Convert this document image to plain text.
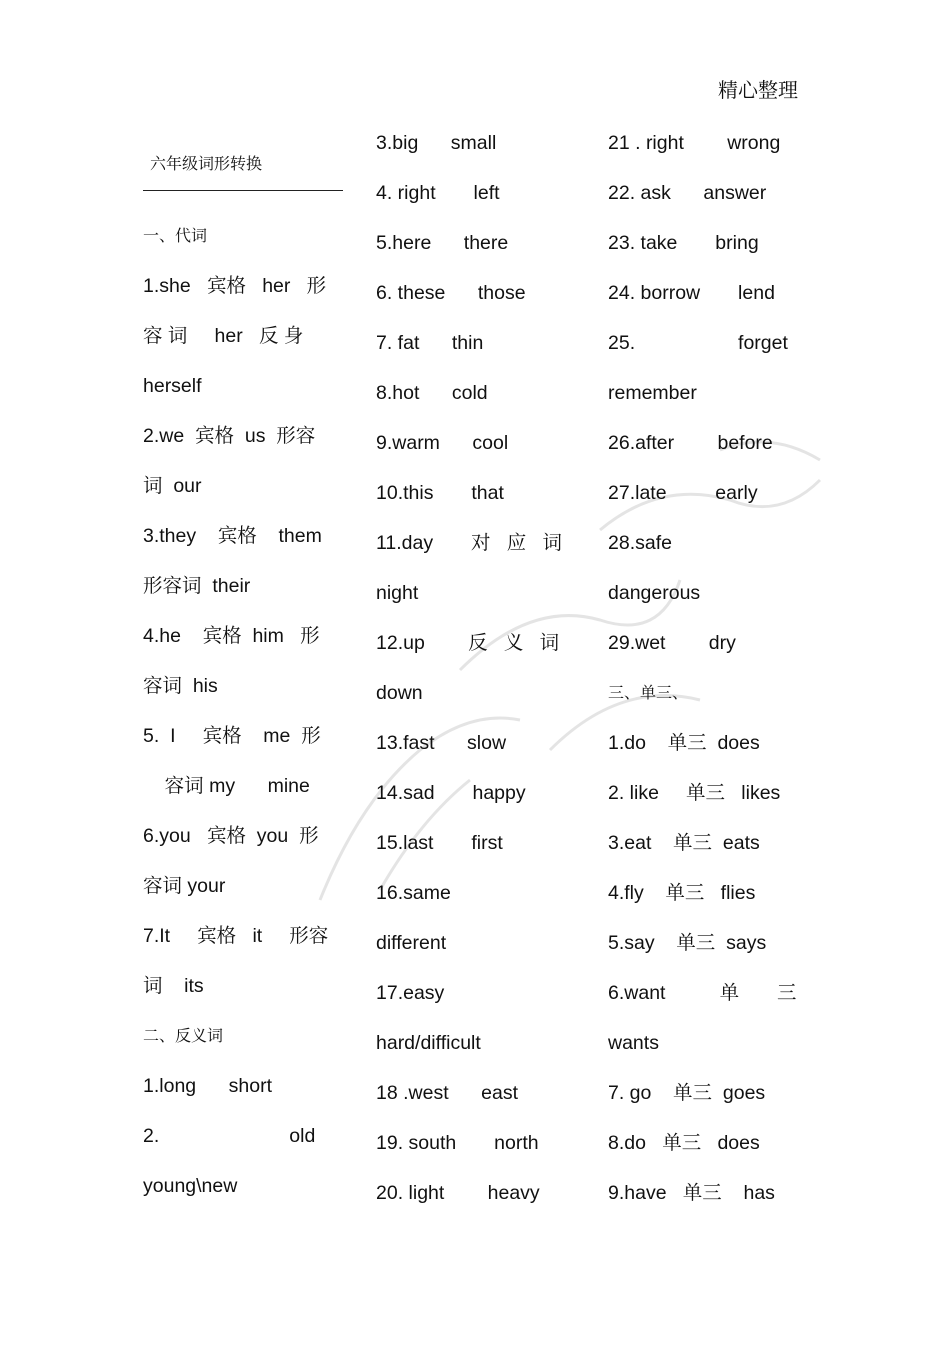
精心整理
六年级词形转换
一、代词
1.she   宾格   her   形
容 词     her   反 身
herself
2.we  宾格  us  形容
词  our
3.they    宾格    them
形容词  their
4.he    宾格  him   形
容词  his
5.  I     宾格    me  形
容词 my      mine
6.you   宾格  you  形
容词 your
7.It     宾格   it     形容
词    its
二、反义词
1.long      short
2.                        old
young\new
3.big      small
4. right       left
5.here      there
6. these      those
7. fat      thin
8.hot      cold
9.warm      cool
10.this       that
11.day       对   应   词
night
12.up        反   义   词
down
13.fast      slow
14.sad       happy
15.last       first
16.same
different
17.easy
hard/difficult
18 .west      east
19. south       north
20. light        heavy
21 . right        wrong
22. ask      answer
23. take       bring
24. borrow       lend
25.                   forget
remember
26.after        before
27.late         early
28.safe
dangerous
29.wet        dry
三、单三、
1.do    单三  does
2. like     单三   likes
3.eat    单三  eats
4.fly    单三   flies
5.say    单三  says
6.want          单       三
wants
7. go    单三  goes
8.do   单三   does
9.have   单三    has
